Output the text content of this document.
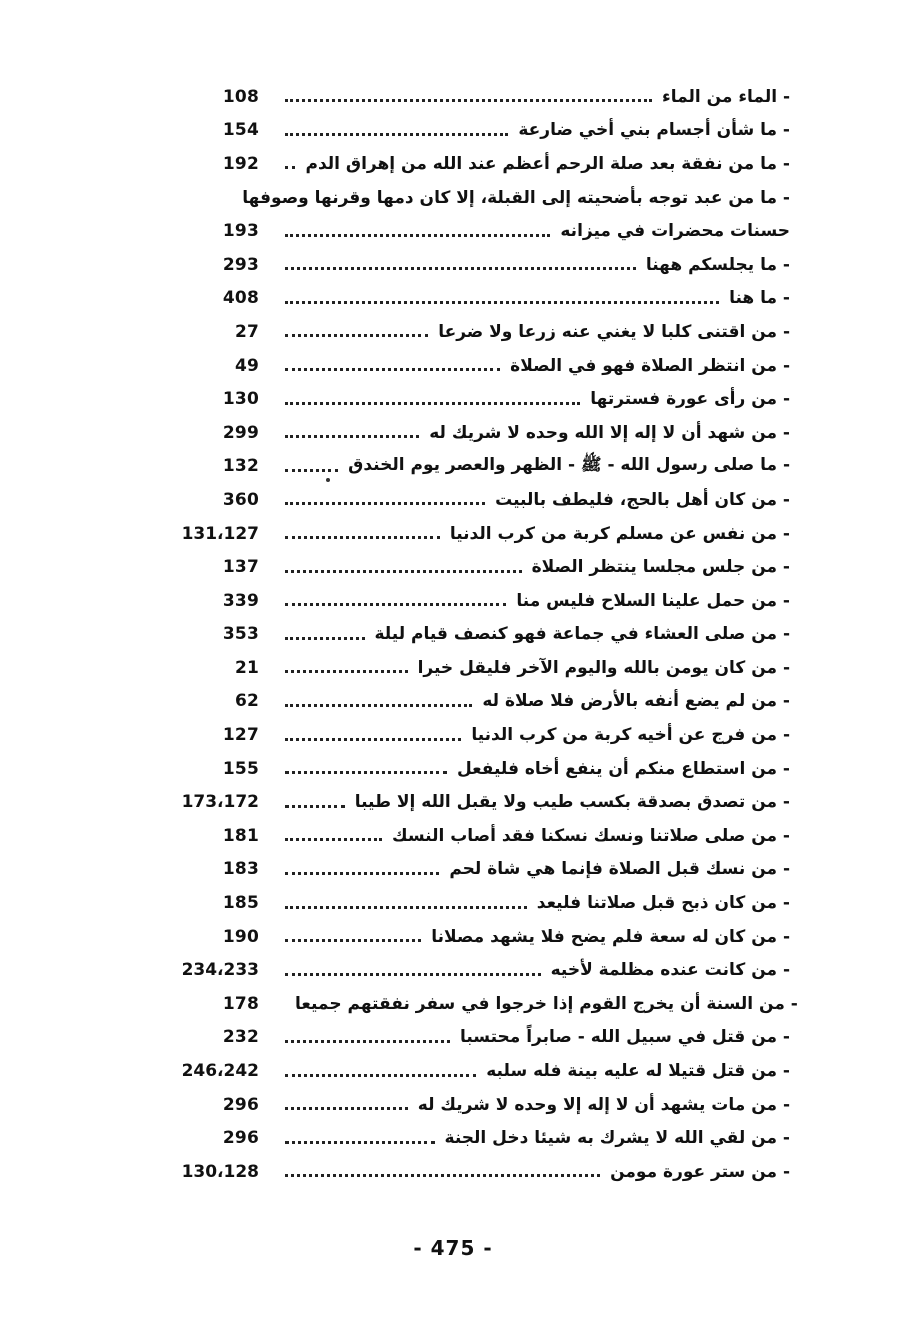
108	- الماء من الماء
154	- ما شأن أجسام بني أخي ضارعة
192	- ما من نفقة بعد صلة الرحم أعظم عند الله من إهراق الدم
- ما من عبد توجه بأضحيته إلى القبلة، إلا كان دمها وقرنها وصوفها
193	حسنات محضرات في ميزانه
293	- ما يجلسكم ههنا
408	- ما هنا
27	- من اقتنى كلبا لا يغني عنه زرعا ولا ضرعا
49	- من انتظر الصلاة فهو في الصلاة
130	- من رأى عورة فسترتها
299	- من شهد أن لا إله إلا الله وحده لا شريك له
132	- ما صلى رسول الله - ﷺ - الظهر والعصر يوم الخندق
360	- من كان أهل بالحج، فليطف بالبيت
131،127	- من نفس عن مسلم كربة من كرب الدنيا
137	- من جلس مجلسا ينتظر الصلاة
339	- من حمل علينا السلاح فليس منا
353	- من صلى العشاء في جماعة فهو كنصف قيام ليلة
21	- من كان يومن بالله واليوم الآخر فليقل خيرا
62	- من لم يضع أنفه بالأرض فلا صلاة له
127	- من فرج عن أخيه كربة من كرب الدنيا
155	- من استطاع منكم أن ينفع أخاه فليفعل
173،172	- من تصدق بصدقة بكسب طيب ولا يقبل الله إلا طيبا
181	- من صلى صلاتنا ونسك نسكنا فقد أصاب النسك
183	- من نسك قبل الصلاة فإنما هي شاة لحم
185	- من كان ذبح قبل صلاتنا فليعد
190	- من كان له سعة فلم يضح فلا يشهد مصلانا
234،233	- من كانت عنده مظلمة لأخيه
178 - من السنة أن يخرج القوم إذا خرجوا في سفر نفقتهم جميعا
232	- من قتل في سبيل الله - صابراً محتسبا
246،242	- من قتل قتيلا له عليه بينة فله سلبه
296	- من مات يشهد أن لا إله إلا وحده لا شريك له
296	- من لقي الله لا يشرك به شيئا دخل الجنة
130،128	- من ستر عورة مومن
- 475 -
